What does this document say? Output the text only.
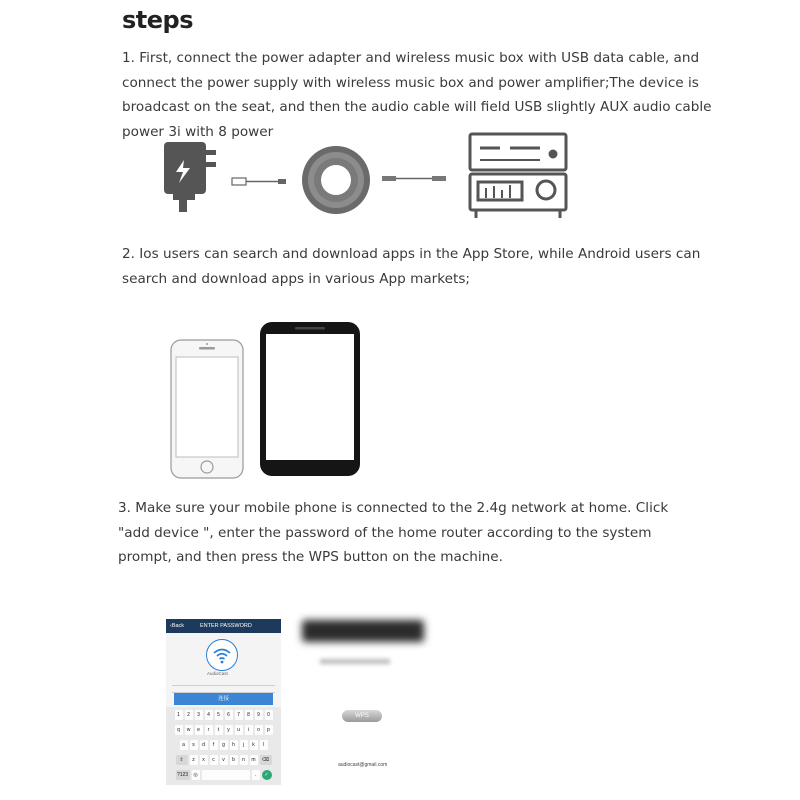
steps
1. First, connect the power adapter and wireless music box with USB data cable, and connect the power supply with wireless music box and power amplifier;The device is broadcast on the seat, and then the audio cable will field USB slightly AUX audio cable power 3i with 8 power
2. Ios users can search and download apps in the App Store, while Android users can search and download apps in various App markets;
3. Make sure your mobile phone is connected to the 2.4g network at home. Click "add device ", enter the password of the home router according to the system prompt, and then press the WPS button on the machine.
‹Back	ENTER PASSWORD
AudioCast
连接
1	2	3	4	5	6	7	8	9	0
q	w	e	r	t	y	u	i	o	p
a	s	d	f	g	h	j	k	l
⇧	z	x	c	v	b	n	m	⌫
?123	◎	.	✓
WPS
audiocast@gmail.com
